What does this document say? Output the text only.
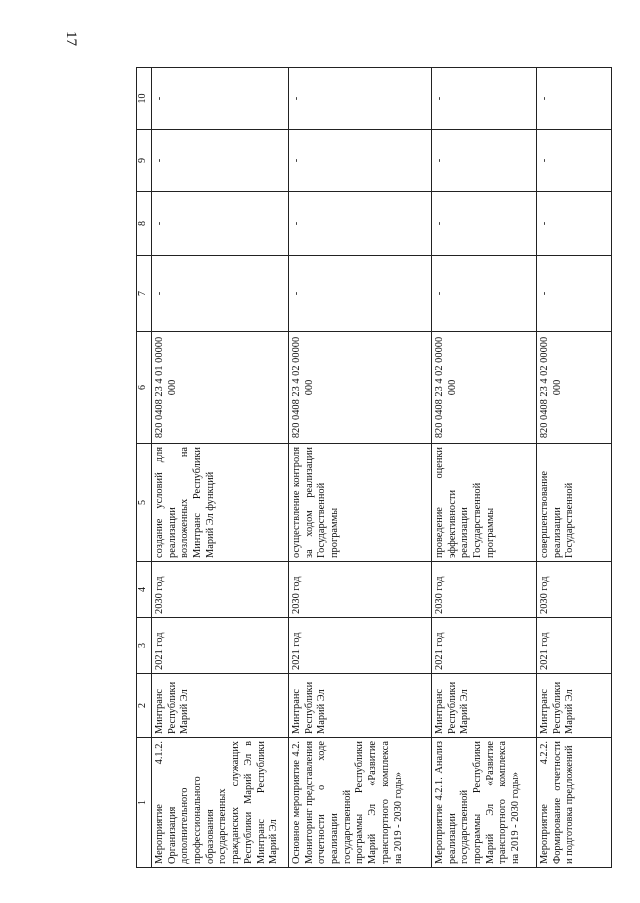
17
1	2	3	4	5	6	7	8	9	10
Мероприятие 4.1.2. Организация дополнительного профессионального образования государственных гражданских служащих Республики Марий Эл в Минтранс Республики Марий Эл	Минтранс Республики Марий Эл	2021 год	2030 год	создание условий для реализации возложенных на Минтранс Республики Марий Эл функций	820 0408 23 4 01 00000 000	-	-	-	-
Основное мероприятие 4.2. Мониторинг представления отчетности о ходе реализации государственной программы Республики Марий Эл «Развитие транспортного комплекса на 2019 - 2030 годы»	Минтранс Республики Марий Эл	2021 год	2030 год	осуществление контроля за ходом реализации Государственной программы	820 0408 23 4 02 00000 000	-	-	-	-
Мероприятие 4.2.1. Анализ реализации государственной программы Республики Марий Эл «Развитие транспортного комплекса на 2019 - 2030 годы»	Минтранс Республики Марий Эл	2021 год	2030 год	проведение оценки эффективности реализации Государственной программы	820 0408 23 4 02 00000 000	-	-	-	-
Мероприятие 4.2.2. Формирование отчетности и подготовка предложений	Минтранс Республики Марий Эл	2021 год	2030 год	совершенствование реализации Государственной	820 0408 23 4 02 00000 000	-	-	-	-
